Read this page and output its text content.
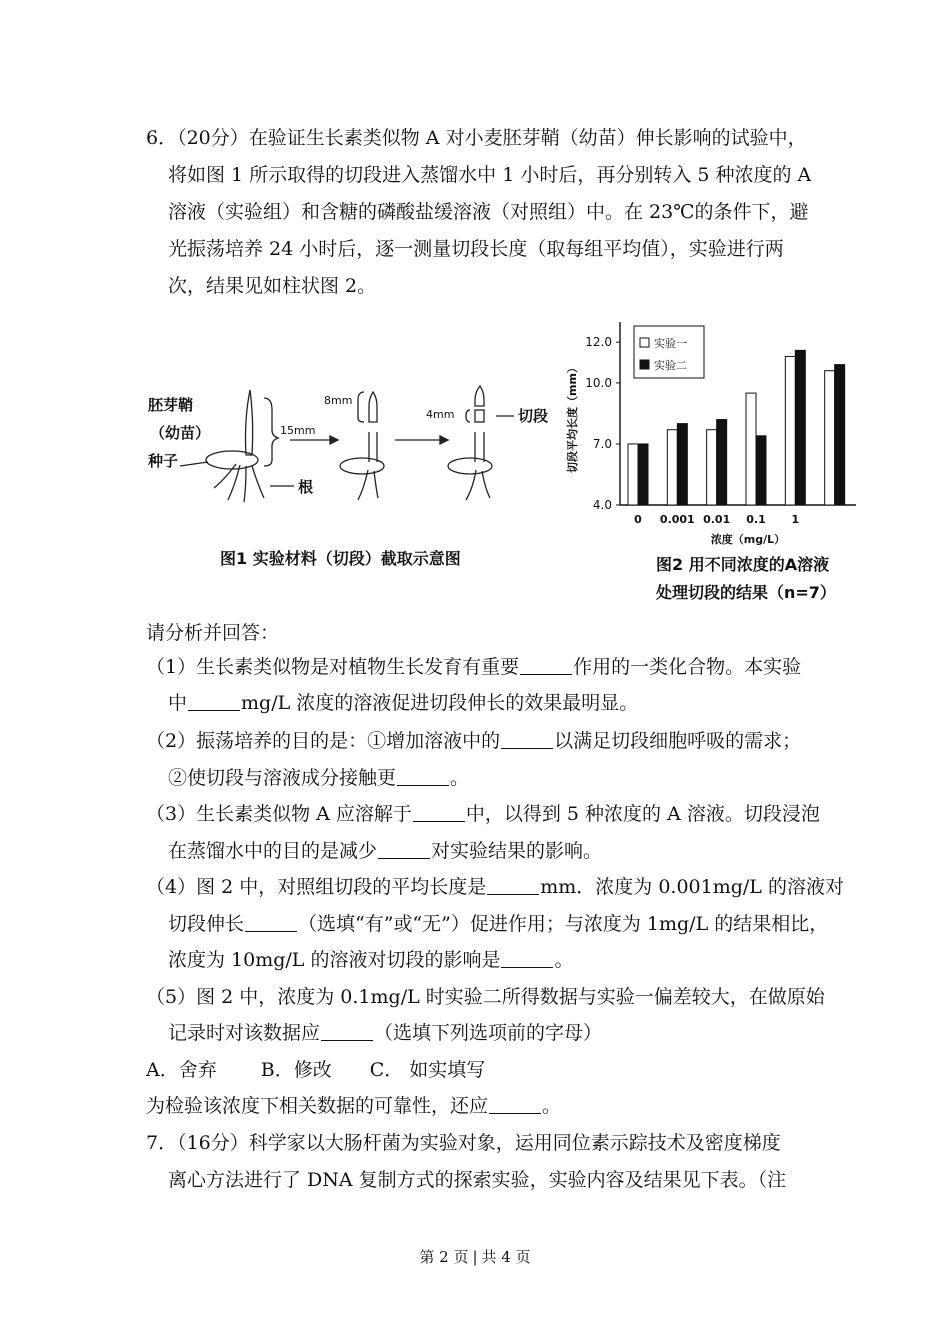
6．（20分）在验证生长素类似物 A 对小麦胚芽鞘（幼苗）伸长影响的试验中，
将如图 1 所示取得的切段进入蒸馏水中 1 小时后，再分别转入 5 种浓度的 A
溶液（实验组）和含糖的磷酸盐缓溶液（对照组）中。在 23℃的条件下，避
光振荡培养 24 小时后，逐一测量切段长度（取每组平均值），实验进行两
次，结果见如柱状图 2。
胚芽鞘
（幼苗）
种子
根
15mm
8mm
4mm	切段
图1 实验材料（切段）截取示意图
4.0
7.0
10.0
12.0
切段平均长度（mm）
0 0.001 0.01 0.1 1
浓度（mg/L）
实验一
实验二
图2 用不同浓度的A溶液
处理切段的结果（n=7）
请分析并回答：
（1）生长素类似物是对植物生长发育有重要	作用的一类化合物。本实验
中	mg/L 浓度的溶液促进切段伸长的效果最明显。
（2）振荡培养的目的是：①增加溶液中的	以满足切段细胞呼吸的需求；
②使切段与溶液成分接触更	。
（3）生长素类似物 A 应溶解于	中，以得到 5 种浓度的 A 溶液。切段浸泡
在蒸馏水中的目的是减少	对实验结果的影响。
（4）图 2 中，对照组切段的平均长度是	mm．浓度为 0.001mg/L 的溶液对
切段伸长	（选填“有”或“无”）促进作用；与浓度为 1mg/L 的结果相比，
浓度为 10mg/L 的溶液对切段的影响是	。
（5）图 2 中，浓度为 0.1mg/L 时实验二所得数据与实验一偏差较大，在做原始
记录时对该数据应	（选填下列选项前的字母）
A．舍弃　　 B．修改　　C． 如实填写
为检验该浓度下相关数据的可靠性，还应	。
7．（16分）科学家以大肠杆菌为实验对象，运用同位素示踪技术及密度梯度
离心方法进行了 DNA 复制方式的探索实验，实验内容及结果见下表。（注
第 2 页 | 共 4 页
